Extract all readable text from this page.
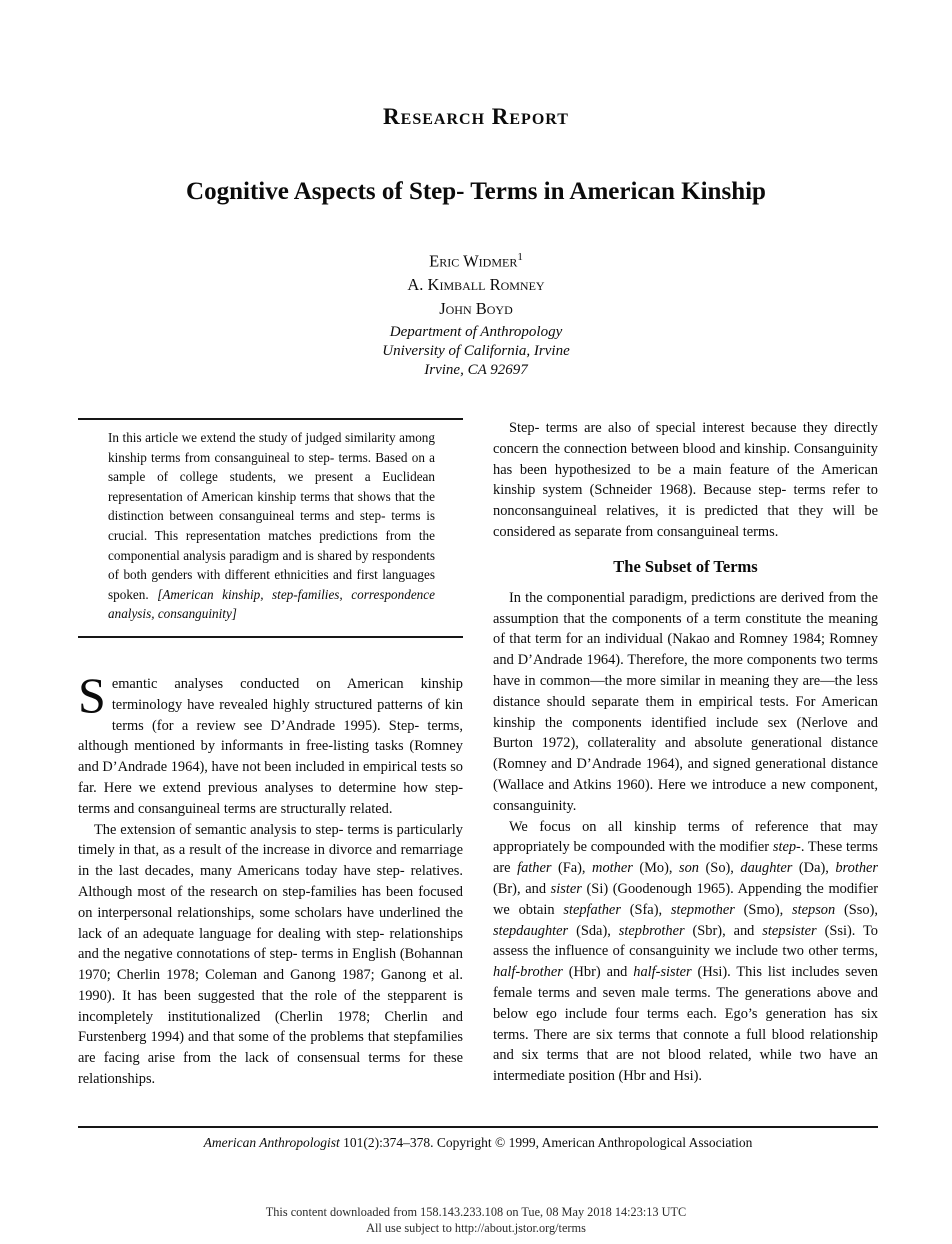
Research Report
Cognitive Aspects of Step- Terms in American Kinship
Eric Widmer$^1$
A. Kimball Romney
John Boyd
Department of Anthropology
University of California, Irvine
Irvine, CA 92697
In this article we extend the study of judged similarity among kinship terms from consanguineal to step- terms. Based on a sample of college students, we present a Euclidean representation of American kinship terms that shows that the distinction between consanguineal terms and step- terms is crucial. This representation matches predictions from the componential analysis paradigm and is shared by respondents of both genders with different ethnicities and first languages spoken. [American kinship, step-families, correspondence analysis, consanguinity]

Semantic analyses conducted on American kinship terminology have revealed highly structured patterns of kin terms (for a review see D’Andrade 1995). Step- terms, although mentioned by informants in free-listing tasks (Romney and D’Andrade 1964), have not been included in empirical tests so far. Here we extend previous analyses to determine how step- terms and consanguineal terms are structurally related.

The extension of semantic analysis to step- terms is particularly timely in that, as a result of the increase in divorce and remarriage in the last decades, many Americans today have step- relatives. Although most of the research on step-families has been focused on interpersonal relationships, some scholars have underlined the lack of an adequate language for dealing with step- relationships and the negative connotations of step- terms in English (Bohannan 1970; Cherlin 1978; Coleman and Ganong 1987; Ganong et al. 1990). It has been suggested that the role of the stepparent is incompletely institutionalized (Cherlin 1978; Cherlin and Furstenberg 1994) and that some of the problems that stepfamilies are facing arise from the lack of consensual terms for these relationships.

Step- terms are also of special interest because they directly concern the connection between blood and kinship. Consanguinity has been hypothesized to be a main feature of the American kinship system (Schneider 1968). Because step- terms refer to nonconsanguineal relatives, it is predicted that they will be considered as separate from consanguineal terms.

The Subset of Terms

In the componential paradigm, predictions are derived from the assumption that the components of a term constitute the meaning of that term for an individual (Nakao and Romney 1984; Romney and D’Andrade 1964). Therefore, the more components two terms have in common—the more similar in meaning they are—the less distance should separate them in empirical tests. For American kinship the components identified include sex (Nerlove and Burton 1972), collaterality and absolute generational distance (Romney and D’Andrade 1964), and signed generational distance (Wallace and Atkins 1960). Here we introduce a new component, consanguinity.

We focus on all kinship terms of reference that may appropriately be compounded with the modifier step-. These terms are father (Fa), mother (Mo), son (So), daughter (Da), brother (Br), and sister (Si) (Goodenough 1965). Appending the modifier we obtain stepfather (Sfa), stepmother (Smo), stepson (Sso), stepdaughter (Sda), stepbrother (Sbr), and stepsister (Ssi). To assess the influence of consanguinity we include two other terms, half-brother (Hbr) and half-sister (Hsi). This list includes seven female terms and seven male terms. The generations above and below ego include four terms each. Ego’s generation has six terms. There are six terms that connote a full blood relationship and six terms that are not blood related, while two have an intermediate position (Hbr and Hsi).

American Anthropologist 101(2):374–378. Copyright © 1999, American Anthropological Association
This content downloaded from 158.143.233.108 on Tue, 08 May 2018 14:23:13 UTC
All use subject to http://about.jstor.org/terms
